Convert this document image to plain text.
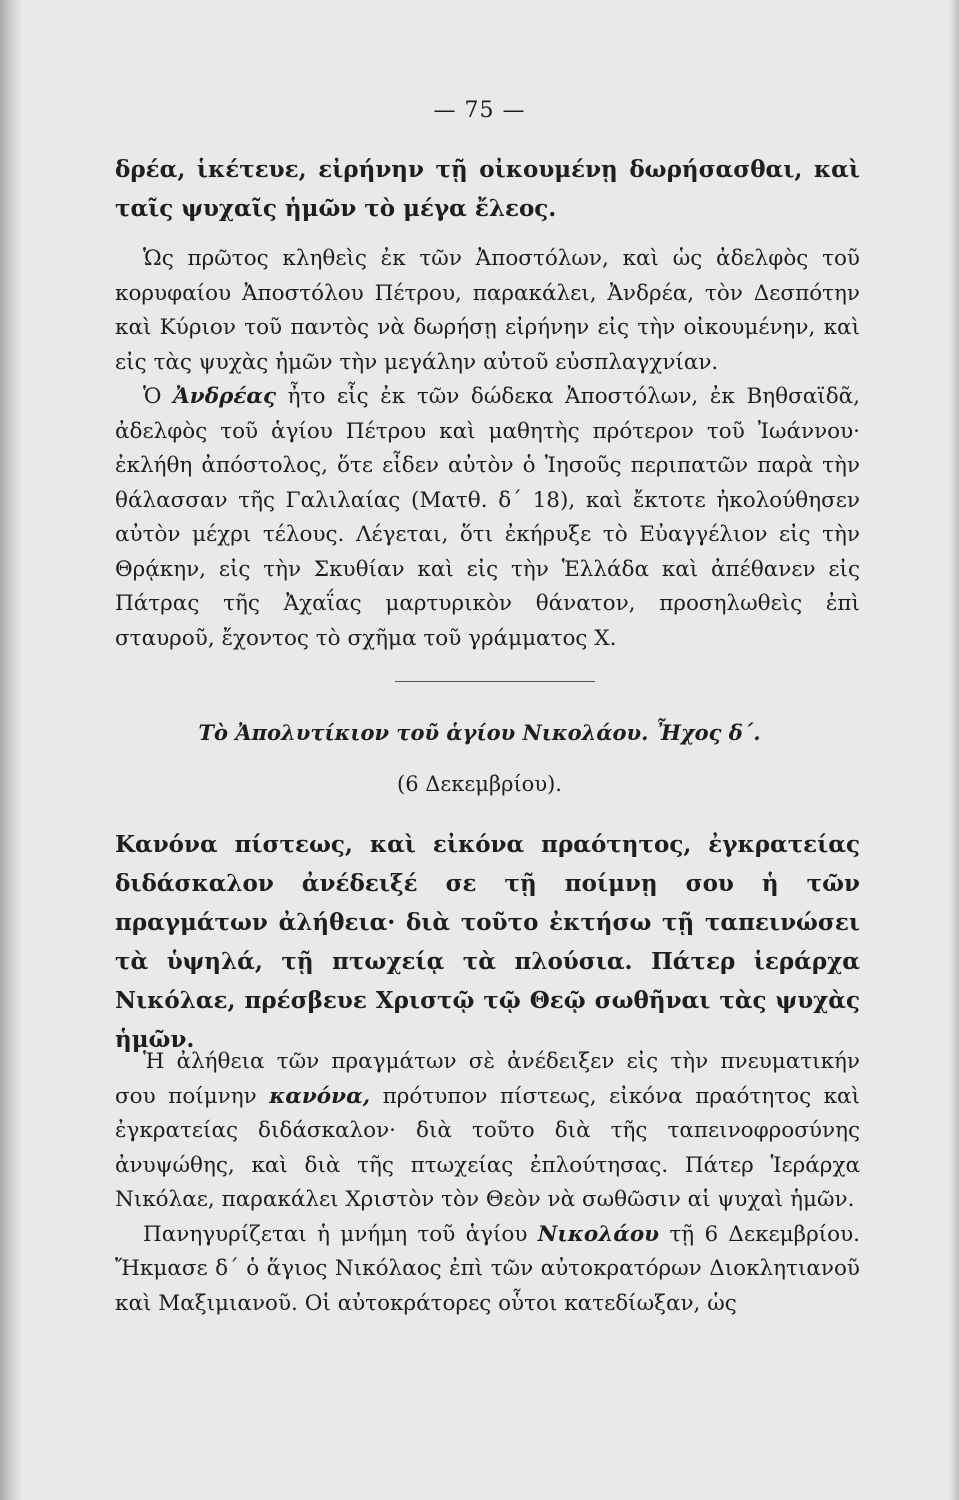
— 75 —

δρέα, ἱκέτευε, εἰρήνην τῇ οἰκουμένῃ δωρήσασθαι, καὶ ταῖς ψυχαῖς ἡμῶν τὸ μέγα ἔλεος.

Ὡς πρῶτος κληθεὶς ἐκ τῶν Ἀποστόλων, καὶ ὡς ἀδελφὸς τοῦ κορυφαίου Ἀποστόλου Πέτρου, παρακάλει, Ἀνδρέα, τὸν Δεσπότην καὶ Κύριον τοῦ παντὸς νὰ δωρήσῃ εἰρήνην εἰς τὴν οἰκουμένην, καὶ εἰς τὰς ψυχὰς ἡμῶν τὴν μεγάλην αὐτοῦ εὐσπλαγχνίαν.

Ὁ Ἀνδρέας ἦτο εἷς ἐκ τῶν δώδεκα Ἀποστόλων, ἐκ Βηθσαϊδᾶ, ἀδελφὸς τοῦ ἁγίου Πέτρου καὶ μαθητὴς πρότερον τοῦ Ἰωάννου· ἐκλήθη ἀπόστολος, ὅτε εἶδεν αὐτὸν ὁ Ἰησοῦς περιπατῶν παρὰ τὴν θάλασσαν τῆς Γαλιλαίας (Ματθ. δ΄ 18), καὶ ἔκτοτε ἠκολούθησεν αὐτὸν μέχρι τέλους. Λέγεται, ὅτι ἐκήρυξε τὸ Εὐαγγέλιον εἰς τὴν Θρᾴκην, εἰς τὴν Σκυθίαν καὶ εἰς τὴν Ἑλλάδα καὶ ἀπέθανεν εἰς Πάτρας τῆς Ἀχαΐας μαρτυρικὸν θάνατον, προσηλωθεὶς ἐπὶ σταυροῦ, ἔχοντος τὸ σχῆμα τοῦ γράμματος Χ.

Τὸ Ἀπολυτίκιον τοῦ ἁγίου Νικολάου. Ἦχος δ΄.
(6 Δεκεμβρίου).

Κανόνα πίστεως, καὶ εἰκόνα πραότητος, ἐγκρατείας διδάσκαλον ἀνέδειξέ σε τῇ ποίμνῃ σου ἡ τῶν πραγμάτων ἀλήθεια· διὰ τοῦτο ἐκτήσω τῇ ταπεινώσει τὰ ὑψηλά, τῇ πτωχείᾳ τὰ πλούσια. Πάτερ ἱεράρχα Νικόλαε, πρέσβευε Χριστῷ τῷ Θεῷ σωθῆναι τὰς ψυχὰς ἡμῶν.

Ἡ ἀλήθεια τῶν πραγμάτων σὲ ἀνέδειξεν εἰς τὴν πνευματικήν σου ποίμνην κανόνα, πρότυπον πίστεως, εἰκόνα πραότητος καὶ ἐγκρατείας διδάσκαλον· διὰ τοῦτο διὰ τῆς ταπεινοφροσύνης ἀνυψώθης, καὶ διὰ τῆς πτωχείας ἐπλούτησας. Πάτερ Ἱεράρχα Νικόλαε, παρακάλει Χριστὸν τὸν Θεὸν νὰ σωθῶσιν αἱ ψυχαὶ ἡμῶν.

Πανηγυρίζεται ἡ μνήμη τοῦ ἁγίου Νικολάου τῇ 6 Δεκεμβρίου. Ἤκμασε δ΄ ὁ ἅγιος Νικόλαος ἐπὶ τῶν αὐτοκρατόρων Διοκλητιανοῦ καὶ Μαξιμιανοῦ. Οἱ αὐτοκράτορες οὗτοι κατεδίωξαν, ὡς
